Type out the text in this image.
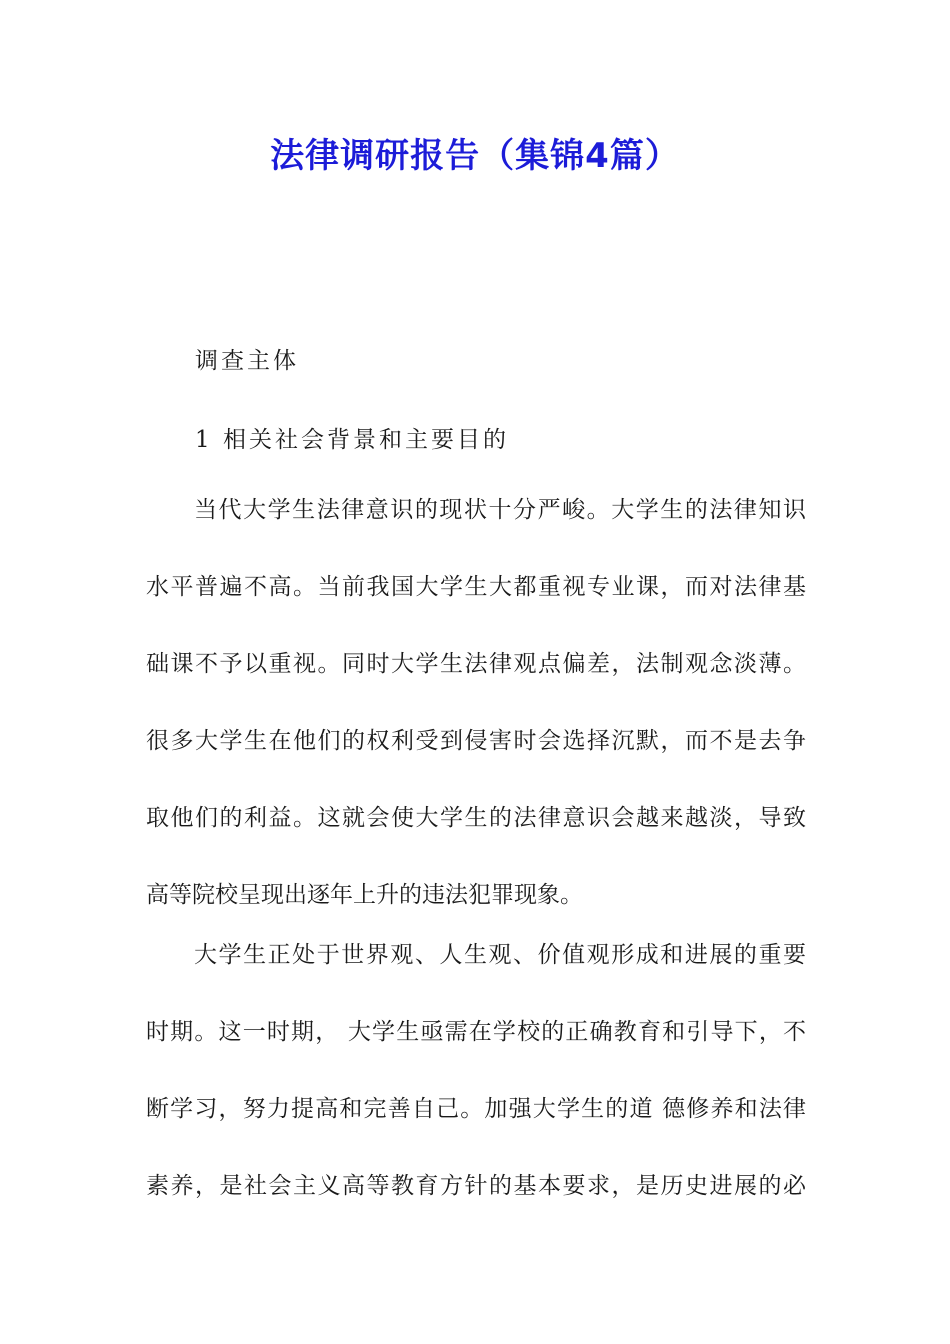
法律调研报告（集锦4篇）
调查主体
1 相关社会背景和主要目的
当代大学生法律意识的现状十分严峻。大学生的法律知识
水平普遍不高。当前我国大学生大都重视专业课，而对法律基
础课不予以重视。同时大学生法律观点偏差，法制观念淡薄。
很多大学生在他们的权利受到侵害时会选择沉默，而不是去争
取他们的利益。这就会使大学生的法律意识会越来越淡，导致
高等院校呈现出逐年上升的违法犯罪现象。
大学生正处于世界观、人生观、价值观形成和进展的重要
时期。这一时期， 大学生亟需在学校的正确教育和引导下，不
断学习，努力提高和完善自己。加强大学生的道 德修养和法律
素养，是社会主义高等教育方针的基本要求，是历史进展的必
